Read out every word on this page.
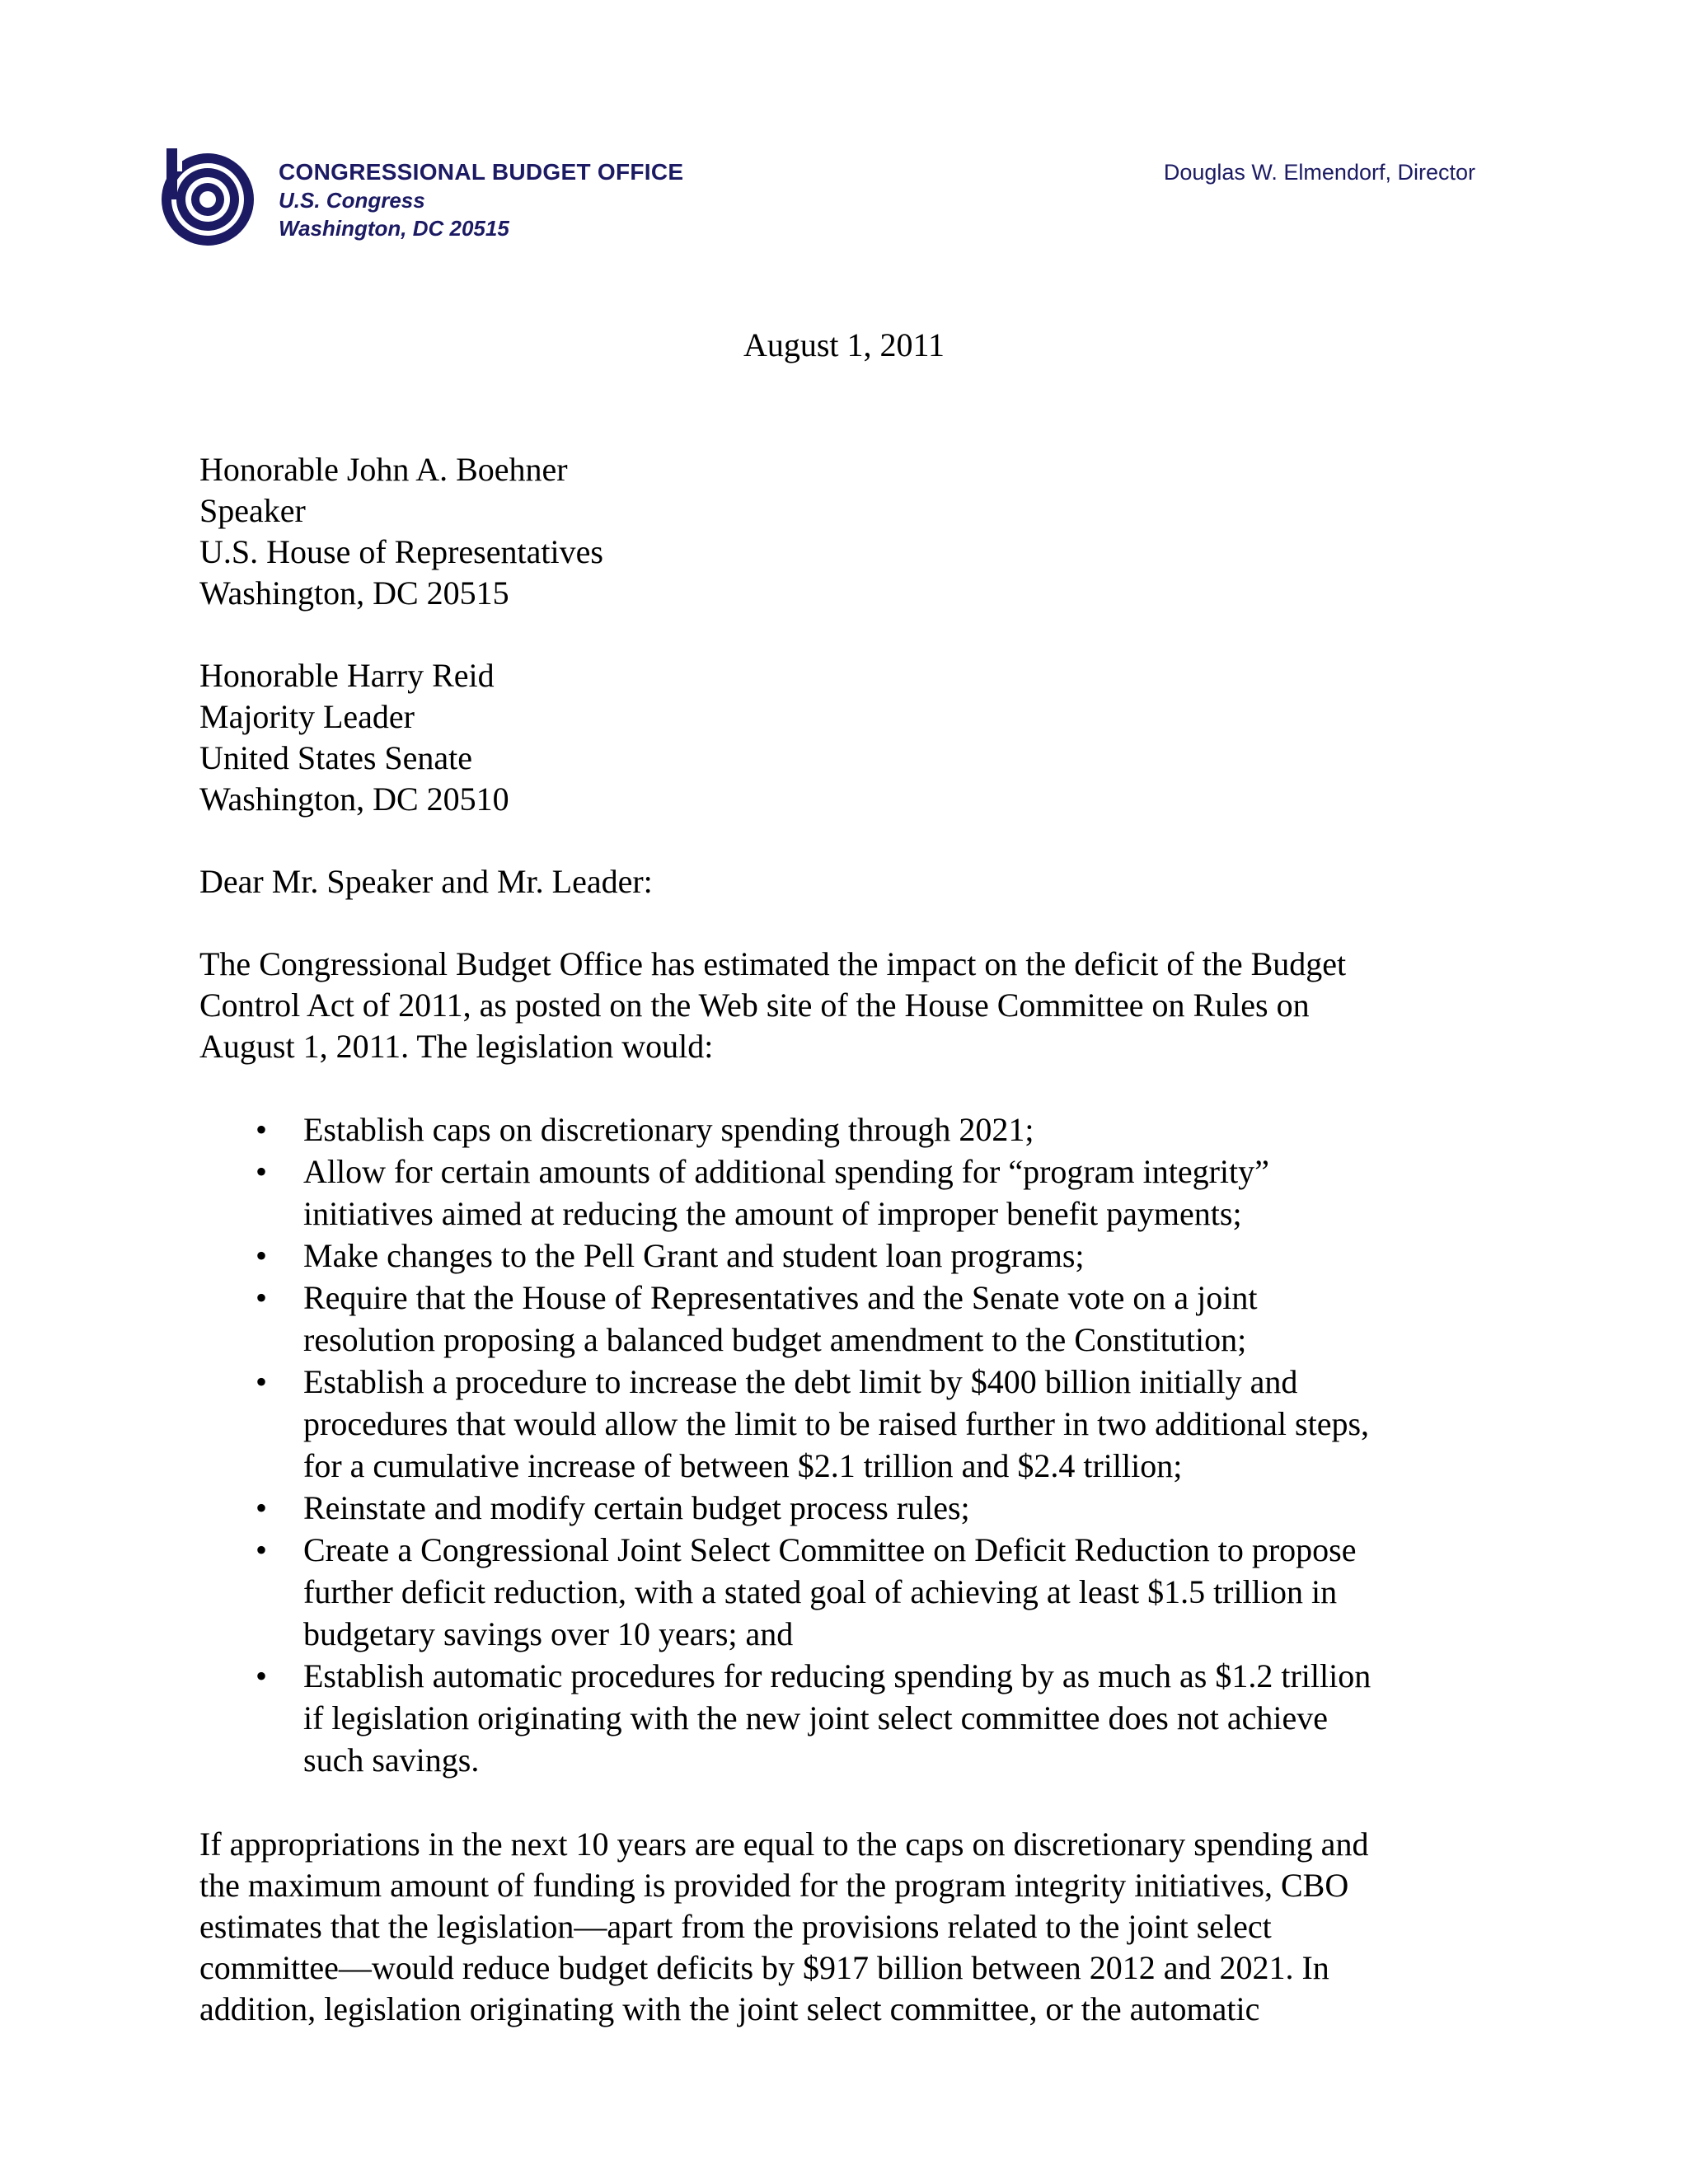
CONGRESSIONAL BUDGET OFFICE
U.S. Congress
Washington, DC 20515
Douglas W. Elmendorf, Director
August 1, 2011
Honorable John A. Boehner
Speaker
U.S. House of Representatives
Washington, DC 20515
Honorable Harry Reid
Majority Leader
United States Senate
Washington, DC 20510
Dear Mr. Speaker and Mr. Leader:
The Congressional Budget Office has estimated the impact on the deficit of the Budget
Control Act of 2011, as posted on the Web site of the House Committee on Rules on
August 1, 2011. The legislation would:
• Establish caps on discretionary spending through 2021;
• Allow for certain amounts of additional spending for “program integrity”
initiatives aimed at reducing the amount of improper benefit payments;
• Make changes to the Pell Grant and student loan programs;
• Require that the House of Representatives and the Senate vote on a joint
resolution proposing a balanced budget amendment to the Constitution;
• Establish a procedure to increase the debt limit by $400 billion initially and
procedures that would allow the limit to be raised further in two additional steps,
for a cumulative increase of between $2.1 trillion and $2.4 trillion;
• Reinstate and modify certain budget process rules;
• Create a Congressional Joint Select Committee on Deficit Reduction to propose
further deficit reduction, with a stated goal of achieving at least $1.5 trillion in
budgetary savings over 10 years; and
• Establish automatic procedures for reducing spending by as much as $1.2 trillion
if legislation originating with the new joint select committee does not achieve
such savings.
If appropriations in the next 10 years are equal to the caps on discretionary spending and
the maximum amount of funding is provided for the program integrity initiatives, CBO
estimates that the legislation—apart from the provisions related to the joint select
committee—would reduce budget deficits by $917 billion between 2012 and 2021. In
addition, legislation originating with the joint select committee, or the automatic
